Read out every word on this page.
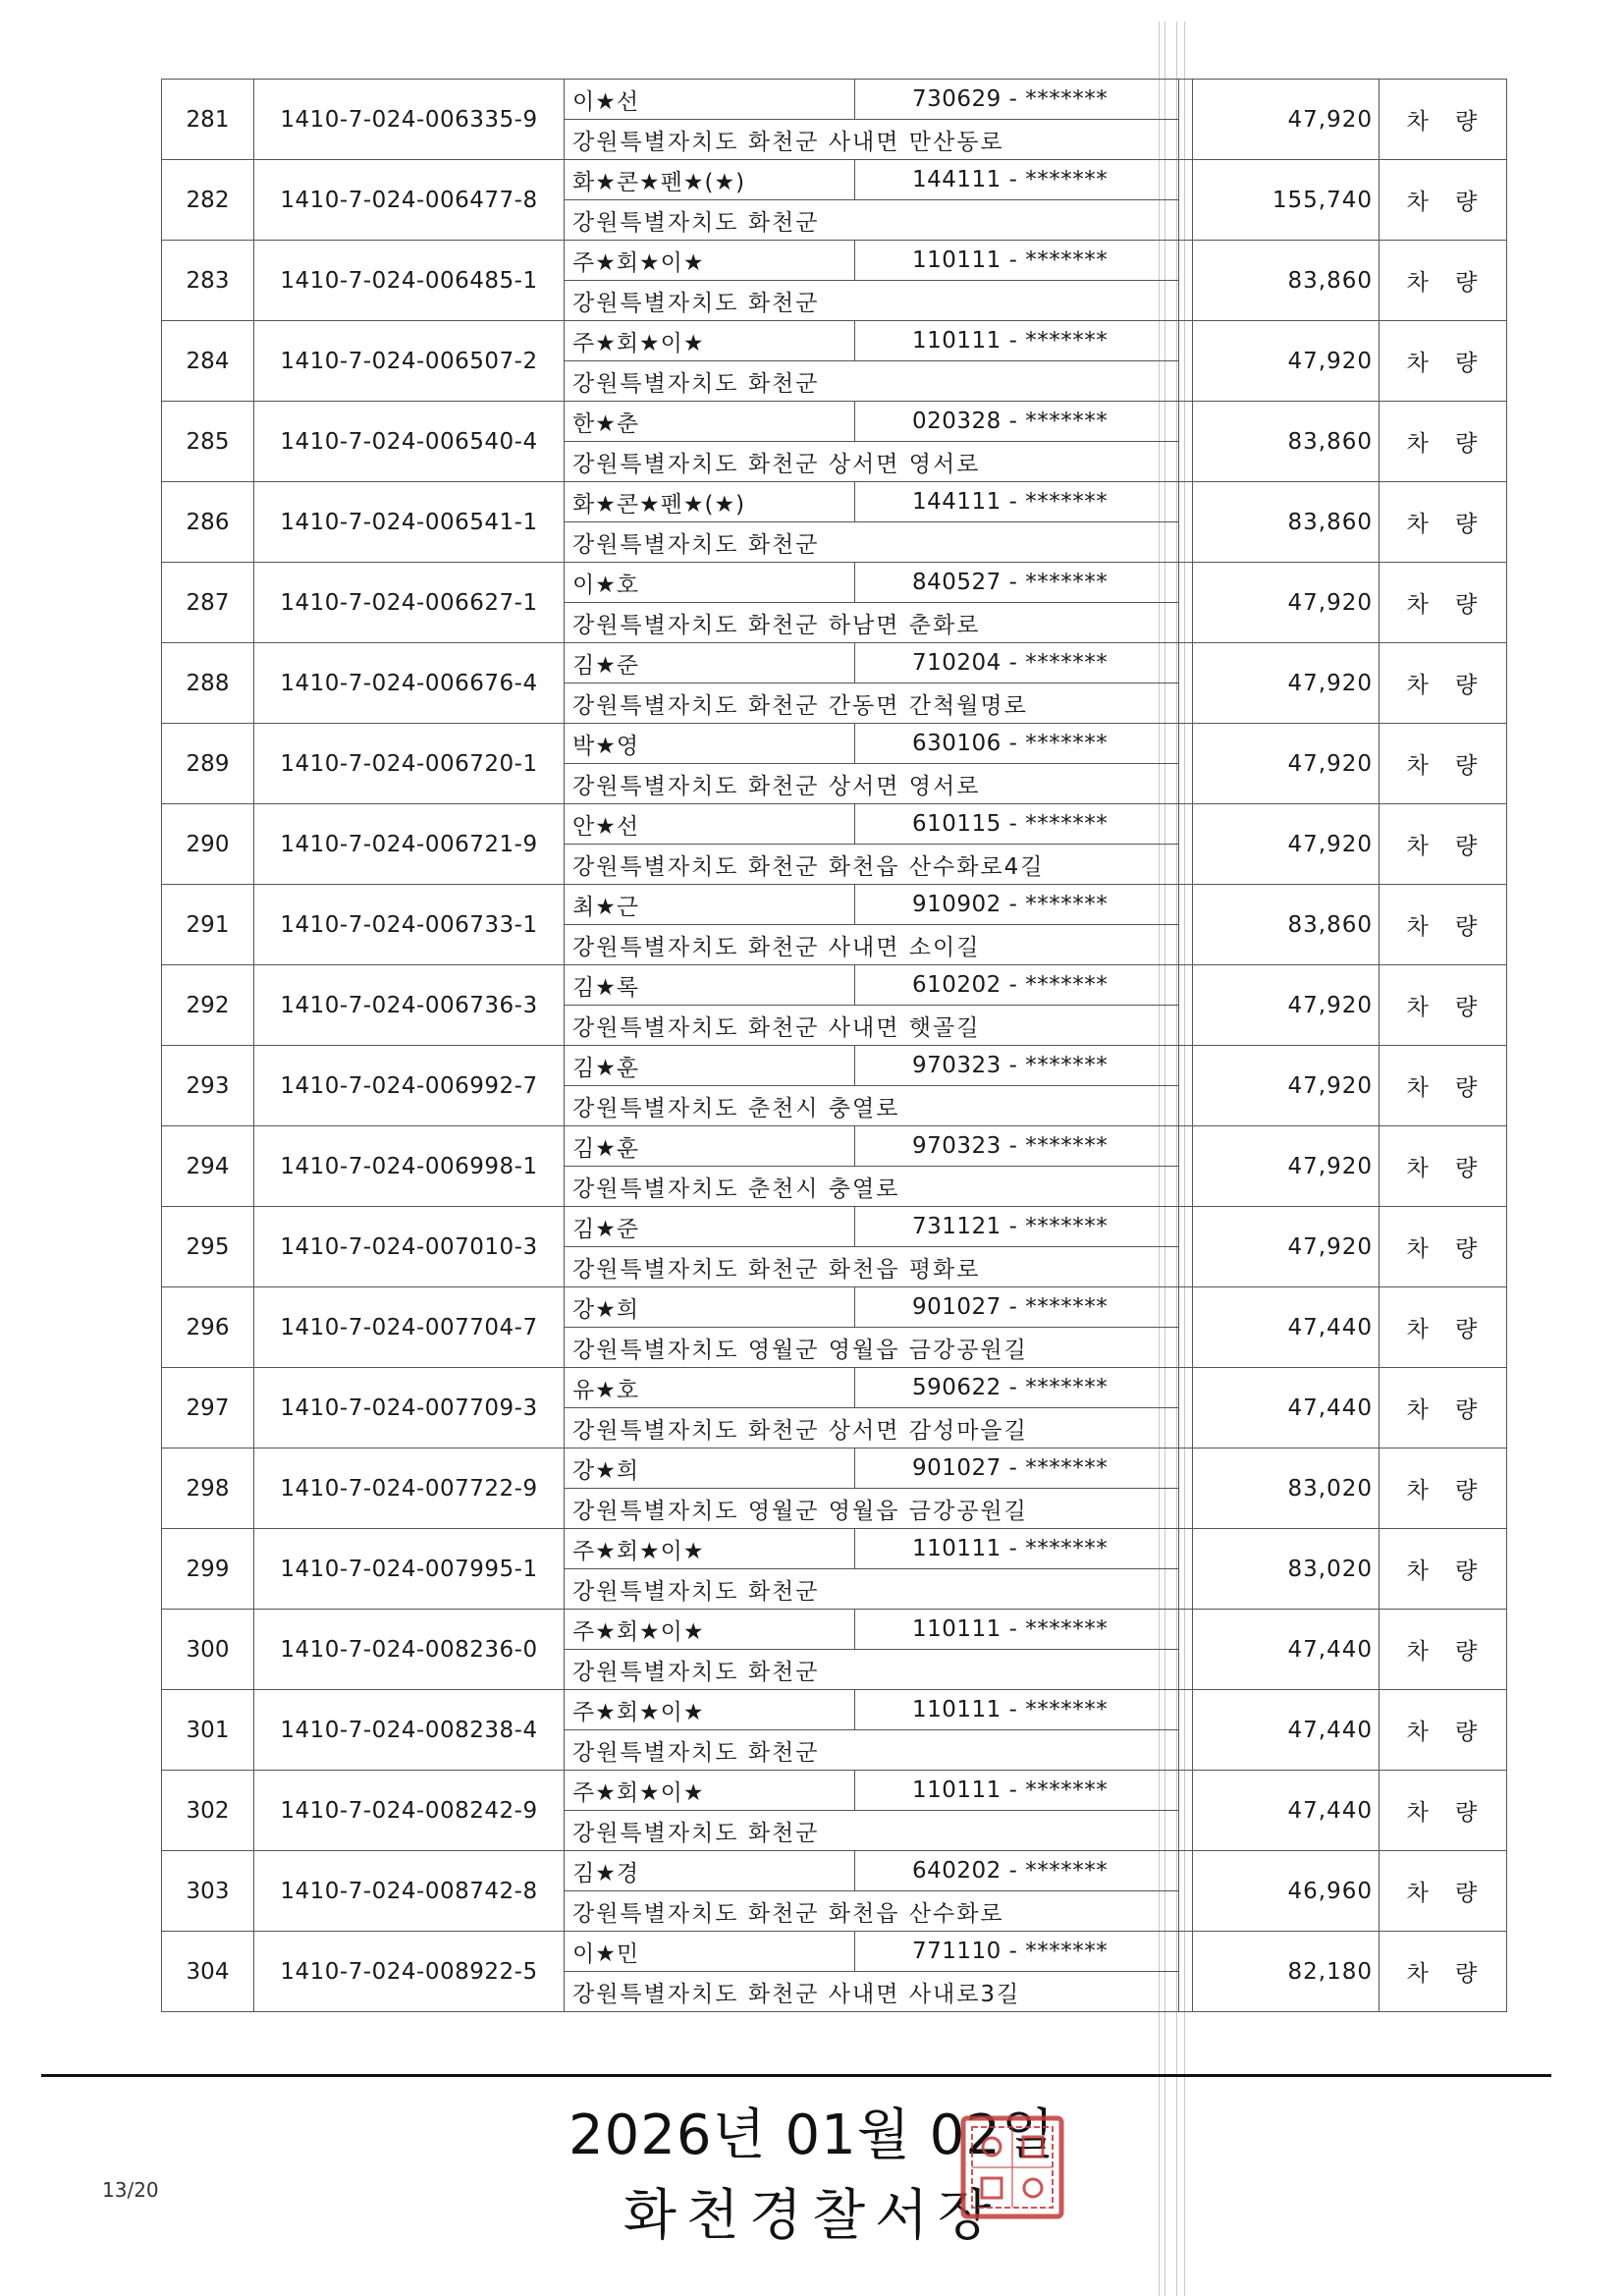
281	1410-7-024-006335-9	이★선	730629 - *******		47,920	차 량
		강원특별자치도 화천군 사내면 만산동로				
282	1410-7-024-006477-8	화★콘★펜★(★)	144111 - *******		155,740	차 량
		강원특별자치도 화천군				
283	1410-7-024-006485-1	주★회★이★	110111 - *******		83,860	차 량
		강원특별자치도 화천군				
284	1410-7-024-006507-2	주★회★이★	110111 - *******		47,920	차 량
		강원특별자치도 화천군				
285	1410-7-024-006540-4	한★춘	020328 - *******		83,860	차 량
		강원특별자치도 화천군 상서면 영서로				
286	1410-7-024-006541-1	화★콘★펜★(★)	144111 - *******		83,860	차 량
		강원특별자치도 화천군				
287	1410-7-024-006627-1	이★호	840527 - *******		47,920	차 량
		강원특별자치도 화천군 하남면 춘화로				
288	1410-7-024-006676-4	김★준	710204 - *******		47,920	차 량
		강원특별자치도 화천군 간동면 간척월명로				
289	1410-7-024-006720-1	박★영	630106 - *******		47,920	차 량
		강원특별자치도 화천군 상서면 영서로				
290	1410-7-024-006721-9	안★선	610115 - *******		47,920	차 량
		강원특별자치도 화천군 화천읍 산수화로4길				
291	1410-7-024-006733-1	최★근	910902 - *******		83,860	차 량
		강원특별자치도 화천군 사내면 소이길				
292	1410-7-024-006736-3	김★록	610202 - *******		47,920	차 량
		강원특별자치도 화천군 사내면 햇골길				
293	1410-7-024-006992-7	김★훈	970323 - *******		47,920	차 량
		강원특별자치도 춘천시 충열로				
294	1410-7-024-006998-1	김★훈	970323 - *******		47,920	차 량
		강원특별자치도 춘천시 충열로				
295	1410-7-024-007010-3	김★준	731121 - *******		47,920	차 량
		강원특별자치도 화천군 화천읍 평화로				
296	1410-7-024-007704-7	강★희	901027 - *******		47,440	차 량
		강원특별자치도 영월군 영월읍 금강공원길				
297	1410-7-024-007709-3	유★호	590622 - *******		47,440	차 량
		강원특별자치도 화천군 상서면 감성마을길				
298	1410-7-024-007722-9	강★희	901027 - *******		83,020	차 량
		강원특별자치도 영월군 영월읍 금강공원길				
299	1410-7-024-007995-1	주★회★이★	110111 - *******		83,020	차 량
		강원특별자치도 화천군				
300	1410-7-024-008236-0	주★회★이★	110111 - *******		47,440	차 량
		강원특별자치도 화천군				
301	1410-7-024-008238-4	주★회★이★	110111 - *******		47,440	차 량
		강원특별자치도 화천군				
302	1410-7-024-008242-9	주★회★이★	110111 - *******		47,440	차 량
		강원특별자치도 화천군				
303	1410-7-024-008742-8	김★경	640202 - *******		46,960	차 량
		강원특별자치도 화천군 화천읍 산수화로				
304	1410-7-024-008922-5	이★민	771110 - *******		82,180	차 량
		강원특별자치도 화천군 사내면 사내로3길				
2026년 01월 02일
화천경찰서장
13/20
